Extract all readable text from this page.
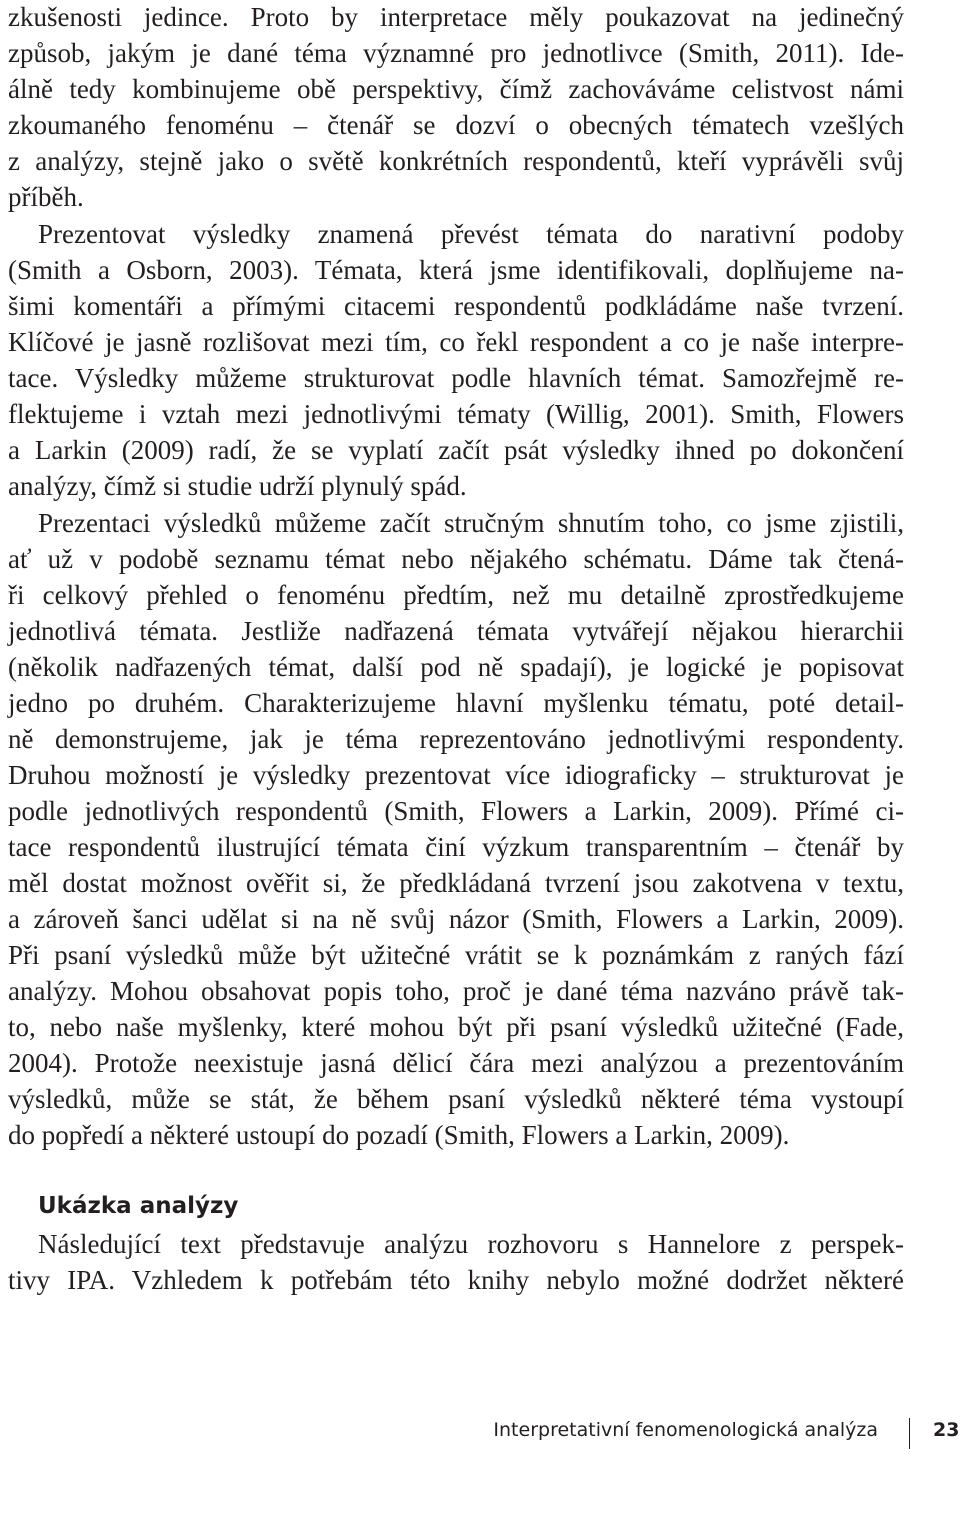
zkušenosti jedince. Proto by interpretace měly poukazovat na jedinečný
způsob, jakým je dané téma významné pro jednotlivce (Smith, 2011). Ide-
álně tedy kombinujeme obě perspektivy, čímž zachováváme celistvost námi
zkoumaného fenoménu – čtenář se dozví o obecných tématech vzešlých
z analýzy, stejně jako o světě konkrétních respondentů, kteří vyprávěli svůj
příběh.
Prezentovat výsledky znamená převést témata do narativní podoby
(Smith a Osborn, 2003). Témata, která jsme identifikovali, doplňujeme na-
šimi komentáři a přímými citacemi respondentů podkládáme naše tvrzení.
Klíčové je jasně rozlišovat mezi tím, co řekl respondent a co je naše interpre-
tace. Výsledky můžeme strukturovat podle hlavních témat. Samozřejmě re-
flektujeme i vztah mezi jednotlivými tématy (Willig, 2001). Smith, Flowers
a Larkin (2009) radí, že se vyplatí začít psát výsledky ihned po dokončení
analýzy, čímž si studie udrží plynulý spád.
Prezentaci výsledků můžeme začít stručným shnutím toho, co jsme zjistili,
ať už v podobě seznamu témat nebo nějakého schématu. Dáme tak čtená-
ři celkový přehled o fenoménu předtím, než mu detailně zprostředkujeme
jednotlivá témata. Jestliže nadřazená témata vytvářejí nějakou hierarchii
(několik nadřazených témat, další pod ně spadají), je logické je popisovat
jedno po druhém. Charakterizujeme hlavní myšlenku tématu, poté detail-
ně demonstrujeme, jak je téma reprezentováno jednotlivými respondenty.
Druhou možností je výsledky prezentovat více idiograficky – strukturovat je
podle jednotlivých respondentů (Smith, Flowers a Larkin, 2009). Přímé ci-
tace respondentů ilustrující témata činí výzkum transparentním – čtenář by
měl dostat možnost ověřit si, že předkládaná tvrzení jsou zakotvena v textu,
a zároveň šanci udělat si na ně svůj názor (Smith, Flowers a Larkin, 2009).
Při psaní výsledků může být užitečné vrátit se k poznámkám z raných fází
analýzy. Mohou obsahovat popis toho, proč je dané téma nazváno právě tak-
to, nebo naše myšlenky, které mohou být při psaní výsledků užitečné (Fade,
2004). Protože neexistuje jasná dělicí čára mezi analýzou a prezentováním
výsledků, může se stát, že během psaní výsledků některé téma vystoupí
do popředí a některé ustoupí do pozadí (Smith, Flowers a Larkin, 2009).
Ukázka analýzy
Následující text představuje analýzu rozhovoru s Hannelore z perspek-
tivy IPA. Vzhledem k potřebám této knihy nebylo možné dodržet některé
Interpretativní fenomenologická analýza	23
